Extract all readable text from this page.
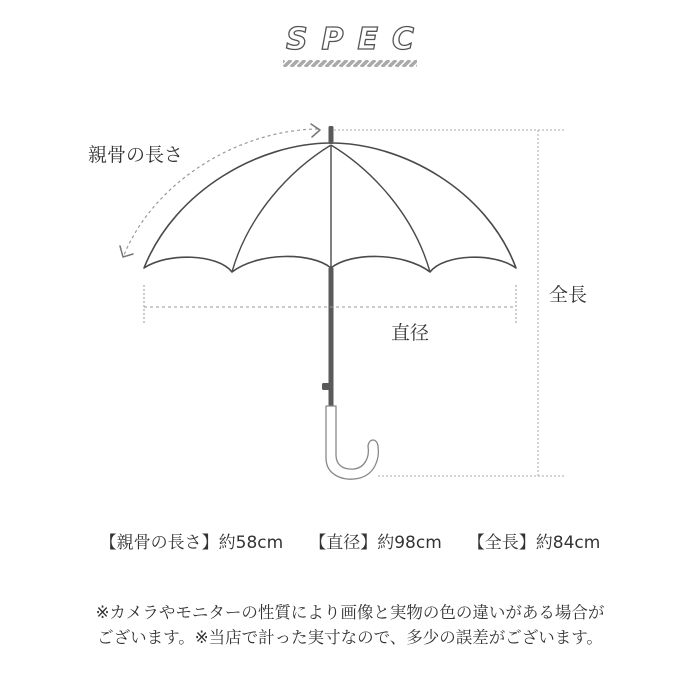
SPEC
親骨の長さ
直径
全長
【親骨の長さ】約58cm 【直径】約98cm 【全長】約84cm
※カメラやモニターの性質により画像と実物の色の違いがある場合が
ございます。※当店で計った実寸なので、多少の誤差がございます。
